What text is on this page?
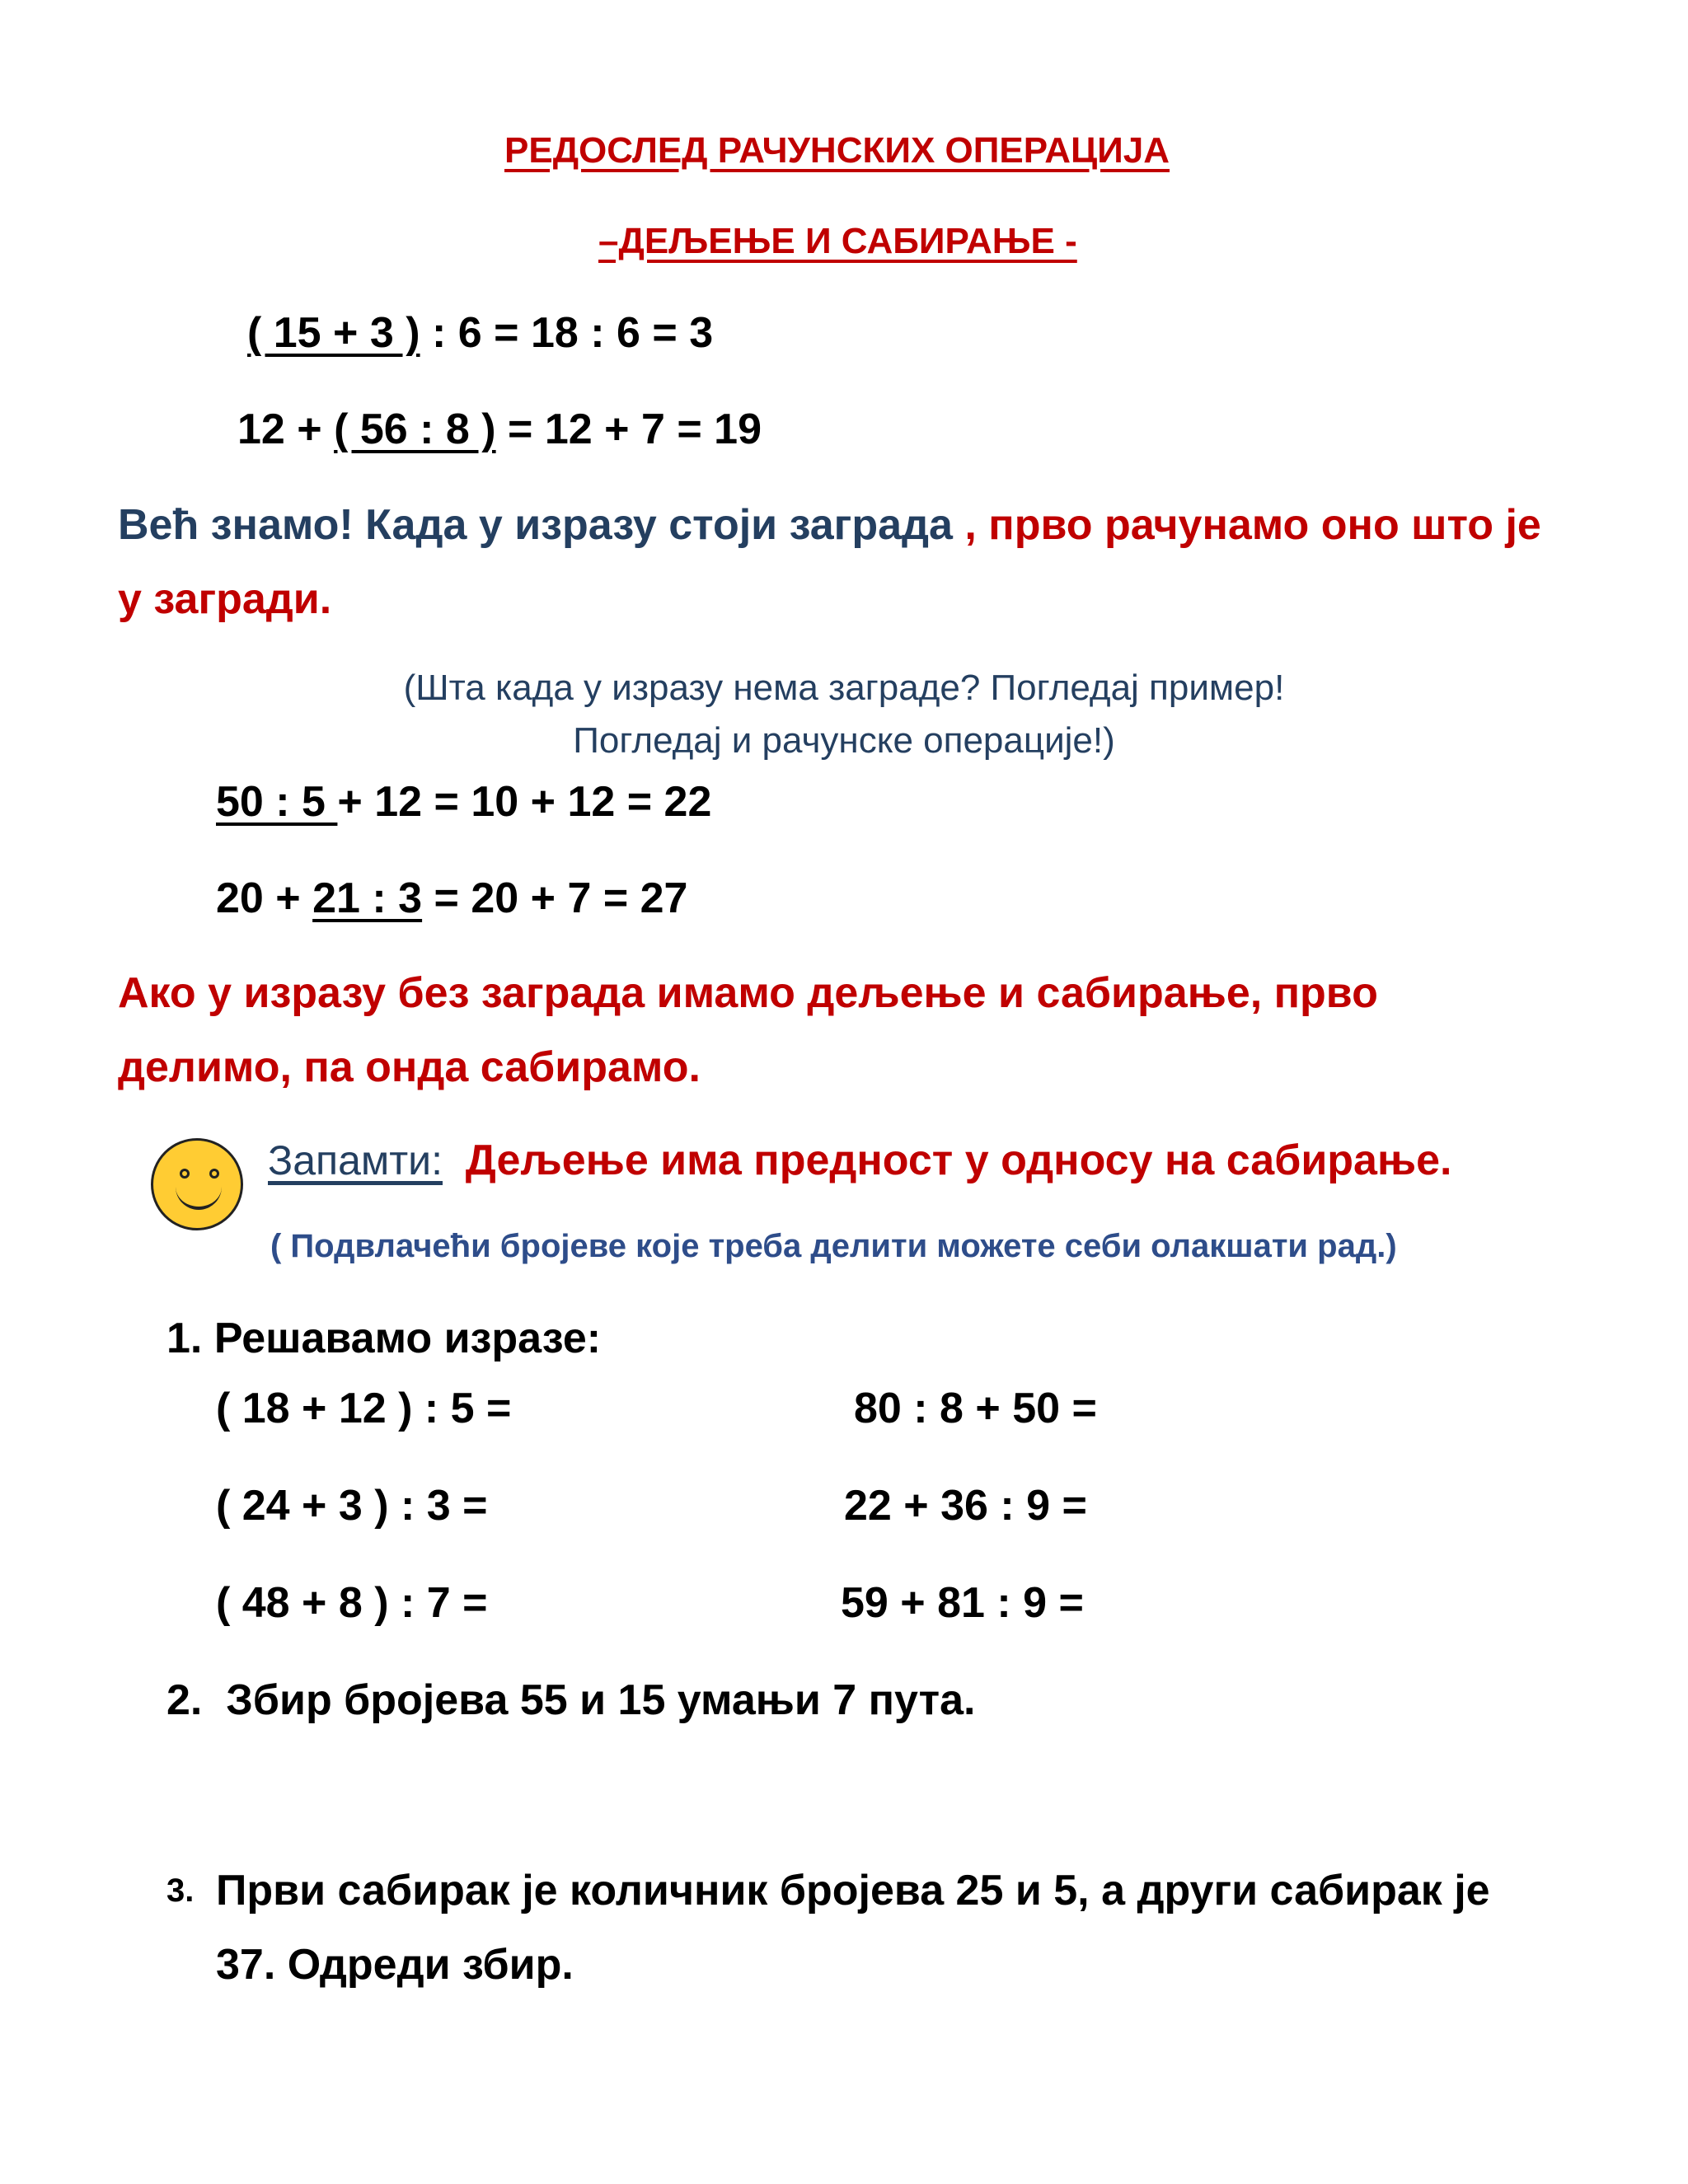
РЕДОСЛЕД РАЧУНСКИХ ОПЕРАЦИЈА
–ДЕЉЕЊЕ И САБИРАЊЕ -
( 15 + 3 ) : 6 = 18 : 6 = 3
12 + ( 56 : 8 ) = 12 + 7 = 19
Већ знамо! Када у изразу стоји заграда , прво рачунамо оно што је
у загради.
(Шта када у изразу нема заграде? Погледај пример!
Погледај и рачунске операције!)
50 : 5 + 12 = 10 + 12 = 22
20 + 21 : 3 = 20 + 7 = 27
Ако у изразу без заграда имамо дељење и сабирање, прво
делимо, па онда сабирамо.
Запамти: Дељење има предност у односу на сабирање.
( Подвлачећи бројеве које треба делити можете себи олакшати рад.)
1. Решавамо изразе:
( 18 + 12 ) : 5 =	80 : 8 + 50 =
( 24 + 3 ) : 3 =	22 + 36 : 9 =
( 48 + 8 ) : 7 =	59 + 81 : 9 =
2. Збир бројева 55 и 15 умањи 7 пута.
3. Први сабирак је количник бројева 25 и 5, а други сабирак је
37. Одреди збир.
